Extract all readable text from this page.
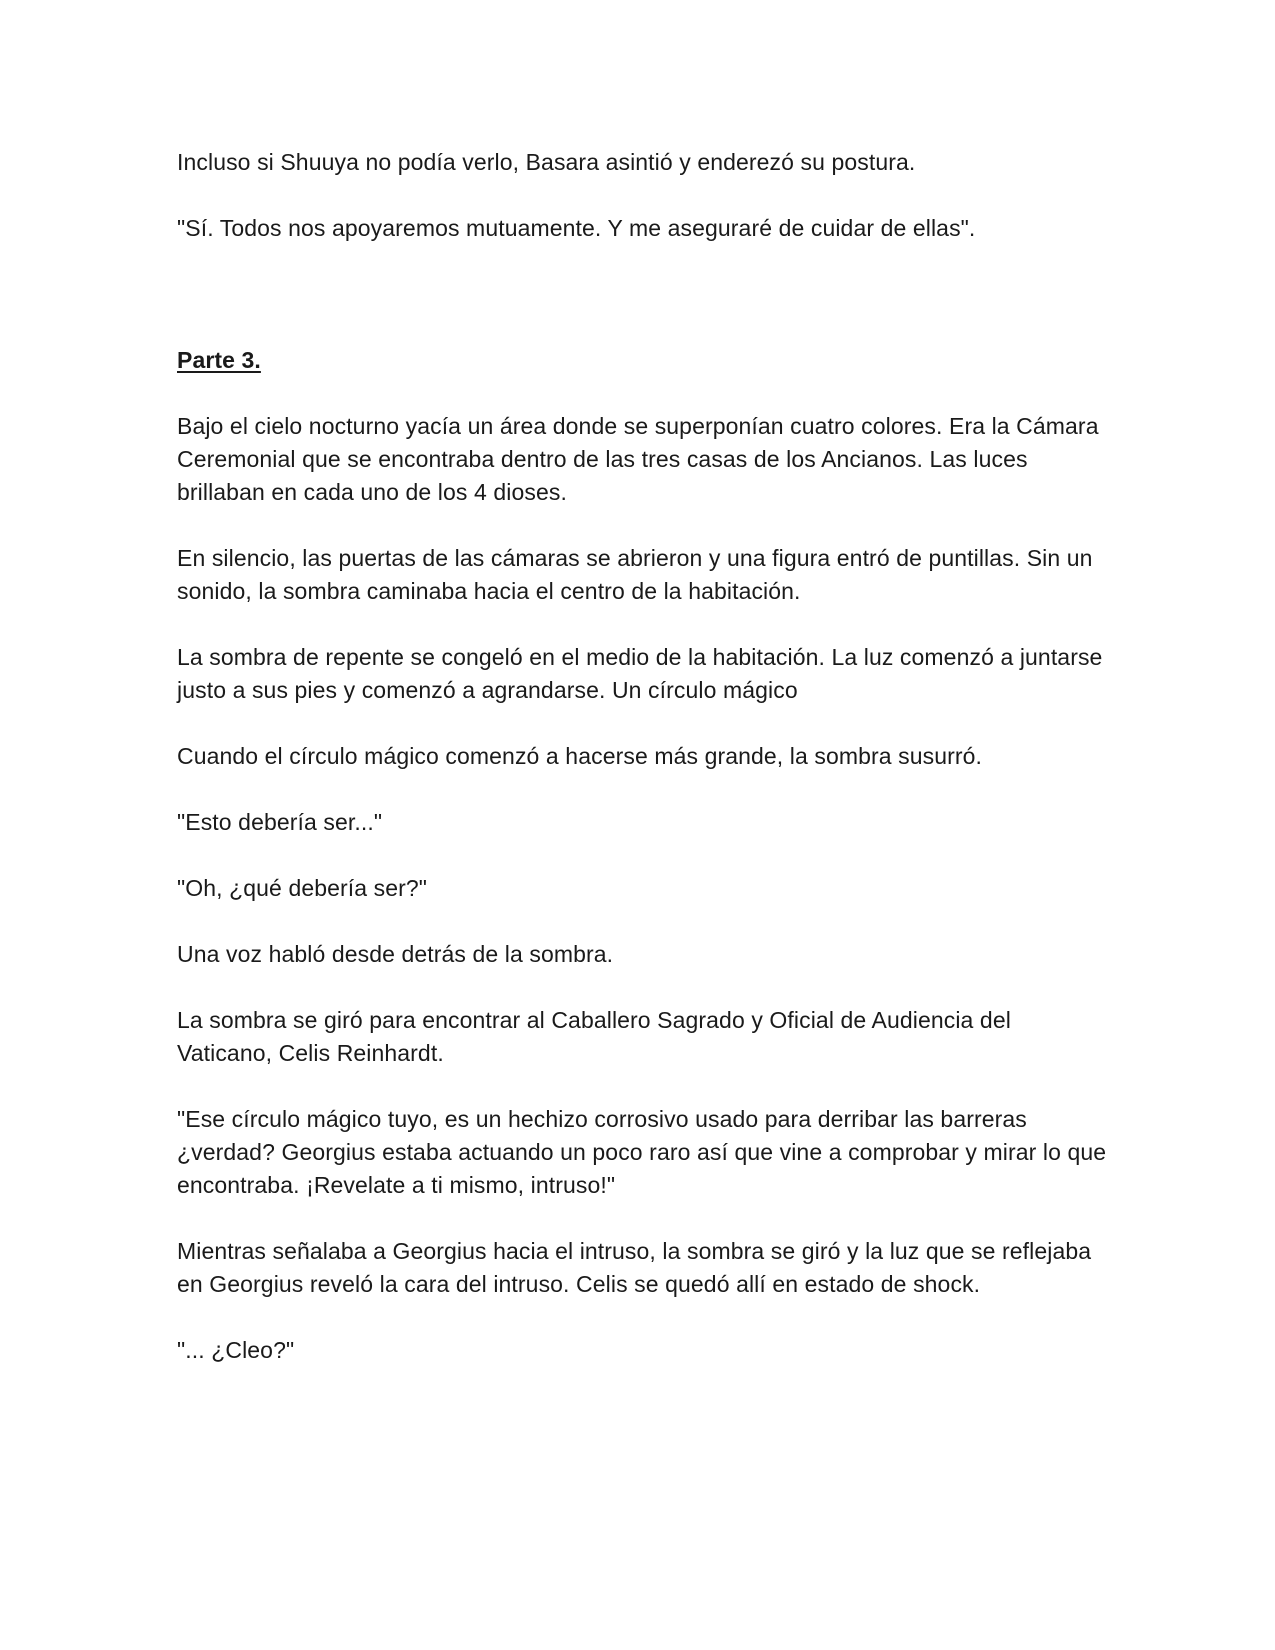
Incluso si Shuuya no podía verlo, Basara asintió y enderezó su postura.

"Sí. Todos nos apoyaremos mutuamente. Y me aseguraré de cuidar de ellas".

Parte 3.

Bajo el cielo nocturno yacía un área donde se superponían cuatro colores. Era la Cámara Ceremonial que se encontraba dentro de las tres casas de los Ancianos. Las luces brillaban en cada uno de los 4 dioses.

En silencio, las puertas de las cámaras se abrieron y una figura entró de puntillas. Sin un sonido, la sombra caminaba hacia el centro de la habitación.

La sombra de repente se congeló en el medio de la habitación. La luz comenzó a juntarse justo a sus pies y comenzó a agrandarse. Un círculo mágico

Cuando el círculo mágico comenzó a hacerse más grande, la sombra susurró.

"Esto debería ser..."

"Oh, ¿qué debería ser?"

Una voz habló desde detrás de la sombra.

La sombra se giró para encontrar al Caballero Sagrado y Oficial de Audiencia del Vaticano, Celis Reinhardt.

"Ese círculo mágico tuyo, es un hechizo corrosivo usado para derribar las barreras ¿verdad? Georgius estaba actuando un poco raro así que vine a comprobar y mirar lo que encontraba. ¡Revelate a ti mismo, intruso!"

Mientras señalaba a Georgius hacia el intruso, la sombra se giró y la luz que se reflejaba en Georgius reveló la cara del intruso. Celis se quedó allí en estado de shock.

"... ¿Cleo?"
